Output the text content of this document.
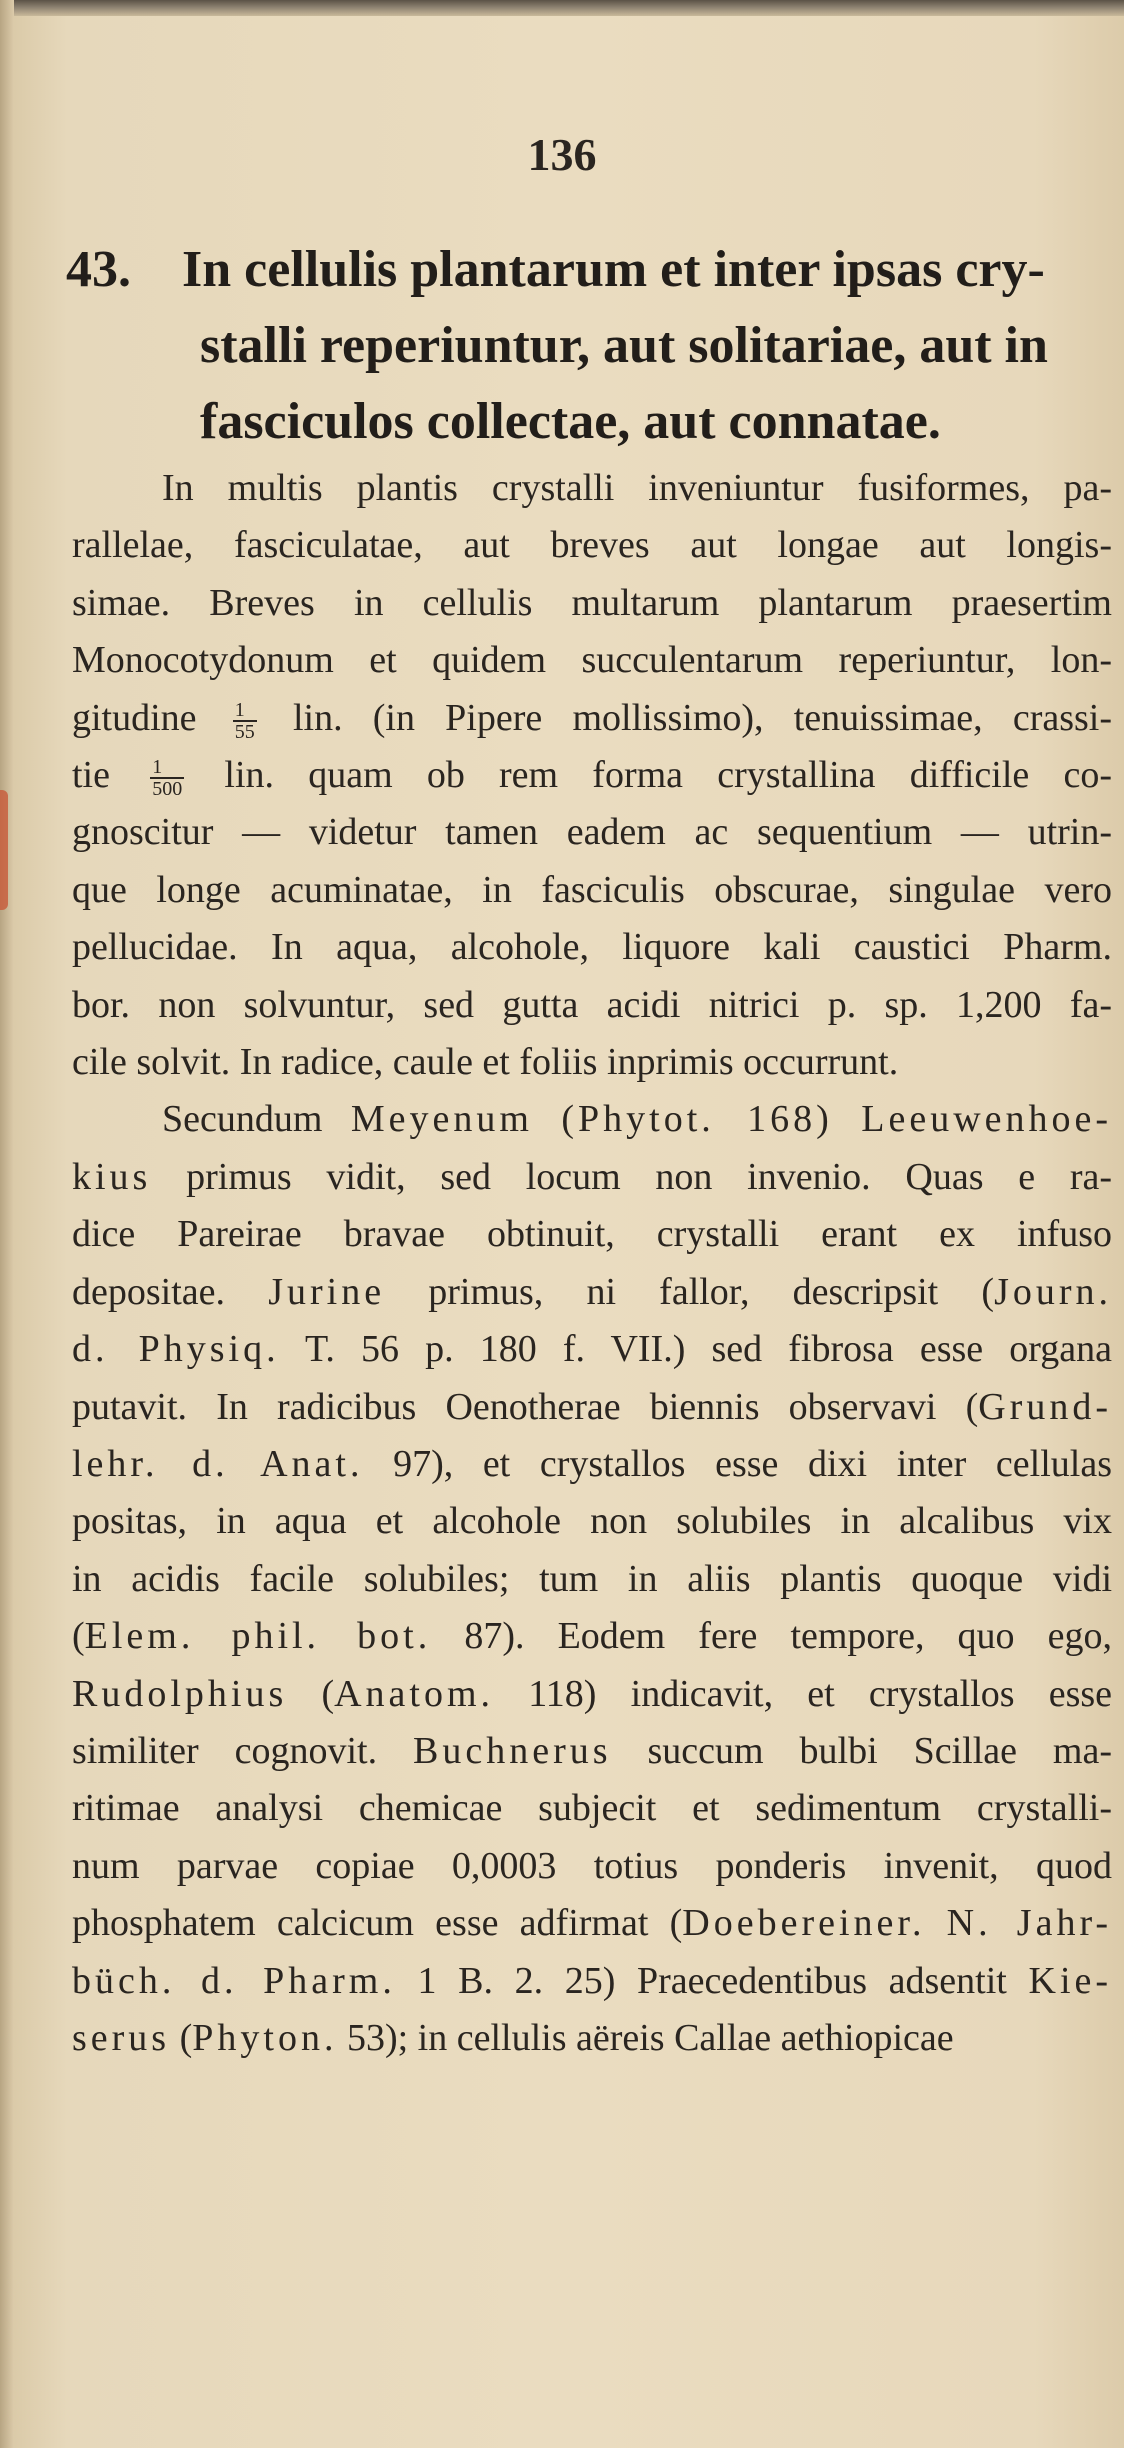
136
43. In cellulis plantarum et inter ipsas cry-
stalli reperiuntur, aut solitariae, aut in
fasciculos collectae, aut connatae.
In multis plantis crystalli inveniuntur fusiformes, pa-
rallelae, fasciculatae, aut breves aut longae aut longis-
simae. Breves in cellulis multarum plantarum praesertim
Monocotydonum et quidem succulentarum reperiuntur, lon-
gitudine $\frac{1}{55}$ lin. (in Pipere mollissimo), tenuissimae, crassi-
tie $\frac{1}{500}$ lin. quam ob rem forma crystallina difficile co-
gnoscitur — videtur tamen eadem ac sequentium — utrin-
que longe acuminatae, in fasciculis obscurae, singulae vero
pellucidae. In aqua, alcohole, liquore kali caustici Pharm.
bor. non solvuntur, sed gutta acidi nitrici p. sp. 1,200 fa-
cile solvit. In radice, caule et foliis inprimis occurrunt.
Secundum Meyenum (Phytot. 168) Leeuwenhoe-
kius primus vidit, sed locum non invenio. Quas e ra-
dice Pareirae bravae obtinuit, crystalli erant ex infuso
depositae. Jurine primus, ni fallor, descripsit (Journ.
d. Physiq. T. 56 p. 180 f. VII.) sed fibrosa esse organa
putavit. In radicibus Oenotherae biennis observavi (Grund-
lehr. d. Anat. 97), et crystallos esse dixi inter cellulas
positas, in aqua et alcohole non solubiles in alcalibus vix
in acidis facile solubiles; tum in aliis plantis quoque vidi
(Elem. phil. bot. 87). Eodem fere tempore, quo ego,
Rudolphius (Anatom. 118) indicavit, et crystallos esse
similiter cognovit. Buchnerus succum bulbi Scillae ma-
ritimae analysi chemicae subjecit et sedimentum crystalli-
num parvae copiae 0,0003 totius ponderis invenit, quod
phosphatem calcicum esse adfirmat (Doebereiner. N. Jahr-
büch. d. Pharm. 1 B. 2. 25) Praecedentibus adsentit Kie-
serus (Phyton. 53); in cellulis aëreis Callae aethiopicae
